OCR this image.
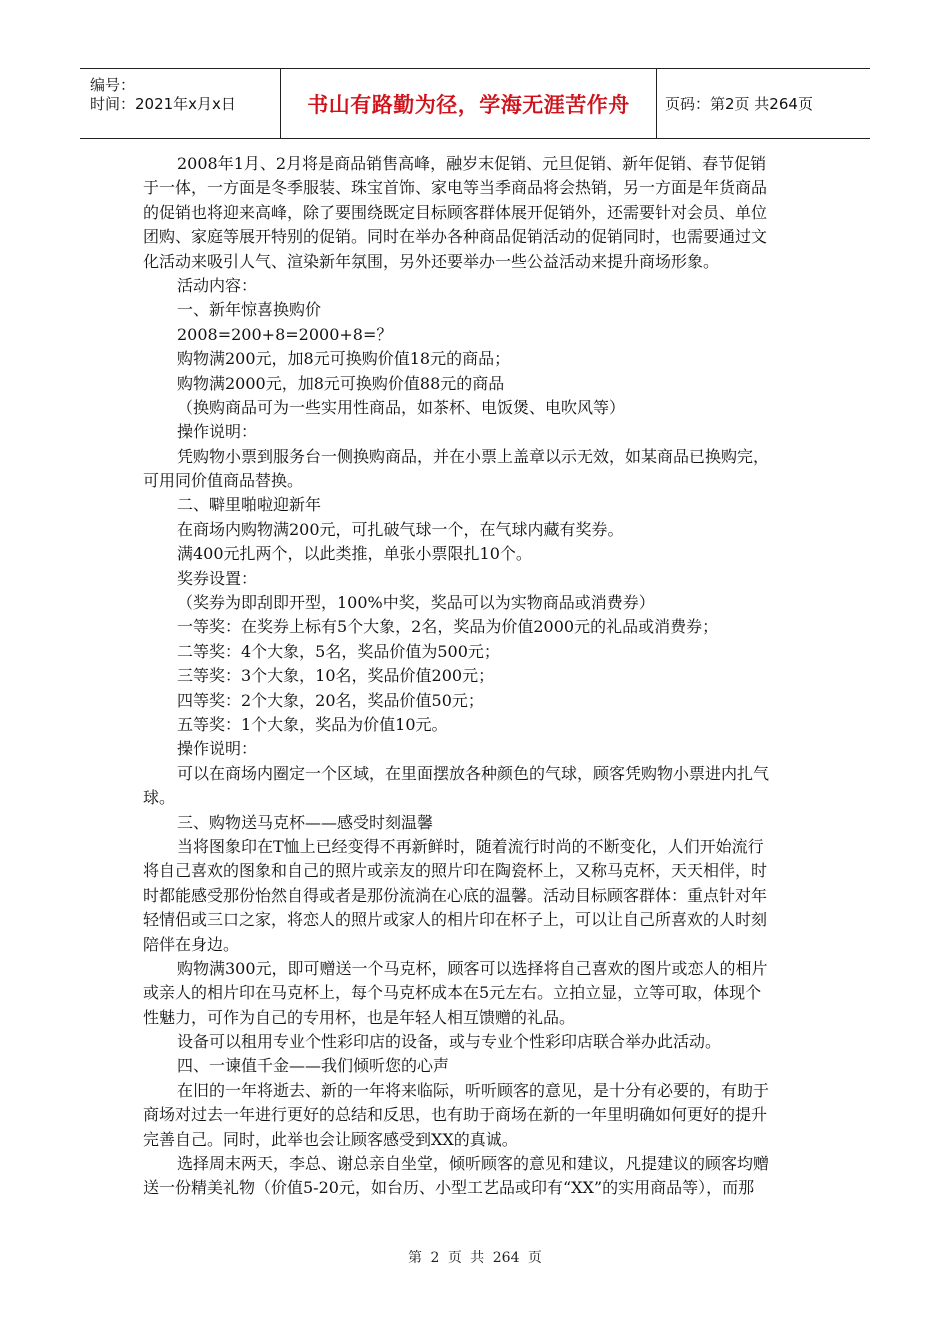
编号：
时间：2021年x月x日	书山有路勤为径，学海无涯苦作舟	页码：第2页 共264页
2008年1月、2月将是商品销售高峰，融岁末促销、元旦促销、新年促销、春节促销
于一体，一方面是冬季服装、珠宝首饰、家电等当季商品将会热销，另一方面是年货商品
的促销也将迎来高峰，除了要围绕既定目标顾客群体展开促销外，还需要针对会员、单位
团购、家庭等展开特别的促销。同时在举办各种商品促销活动的促销同时，也需要通过文
化活动来吸引人气、渲染新年氛围，另外还要举办一些公益活动来提升商场形象。
活动内容：
一、新年惊喜换购价
2008=200+8=2000+8=？
购物满200元，加8元可换购价值18元的商品；
购物满2000元，加8元可换购价值88元的商品
（换购商品可为一些实用性商品，如茶杯、电饭煲、电吹风等）
操作说明：
凭购物小票到服务台一侧换购商品，并在小票上盖章以示无效，如某商品已换购完，
可用同价值商品替换。
二、噼里啪啦迎新年
在商场内购物满200元，可扎破气球一个，在气球内藏有奖券。
满400元扎两个，以此类推，单张小票限扎10个。
奖券设置：
（奖券为即刮即开型，100%中奖，奖品可以为实物商品或消费券）
一等奖：在奖券上标有5个大象，2名，奖品为价值2000元的礼品或消费券；
二等奖：4个大象，5名，奖品价值为500元；
三等奖：3个大象，10名，奖品价值200元；
四等奖：2个大象，20名，奖品价值50元；
五等奖：1个大象，奖品为价值10元。
操作说明：
可以在商场内圈定一个区域，在里面摆放各种颜色的气球，顾客凭购物小票进内扎气
球。
三、购物送马克杯——感受时刻温馨
当将图象印在T恤上已经变得不再新鲜时，随着流行时尚的不断变化，人们开始流行
将自己喜欢的图象和自己的照片或亲友的照片印在陶瓷杯上，又称马克杯，天天相伴，时
时都能感受那份怡然自得或者是那份流淌在心底的温馨。活动目标顾客群体：重点针对年
轻情侣或三口之家，将恋人的照片或家人的相片印在杯子上，可以让自己所喜欢的人时刻
陪伴在身边。
购物满300元，即可赠送一个马克杯，顾客可以选择将自己喜欢的图片或恋人的相片
或亲人的相片印在马克杯上，每个马克杯成本在5元左右。立拍立显，立等可取，体现个
性魅力，可作为自己的专用杯，也是年轻人相互馈赠的礼品。
设备可以租用专业个性彩印店的设备，或与专业个性彩印店联合举办此活动。
四、一谏值千金——我们倾听您的心声
在旧的一年将逝去、新的一年将来临际，听听顾客的意见，是十分有必要的，有助于
商场对过去一年进行更好的总结和反思，也有助于商场在新的一年里明确如何更好的提升
完善自己。同时，此举也会让顾客感受到XX的真诚。
选择周末两天，李总、谢总亲自坐堂，倾听顾客的意见和建议，凡提建议的顾客均赠
送一份精美礼物（价值5-20元，如台历、小型工艺品或印有“XX”的实用商品等），而那
第 2 页 共 264 页
